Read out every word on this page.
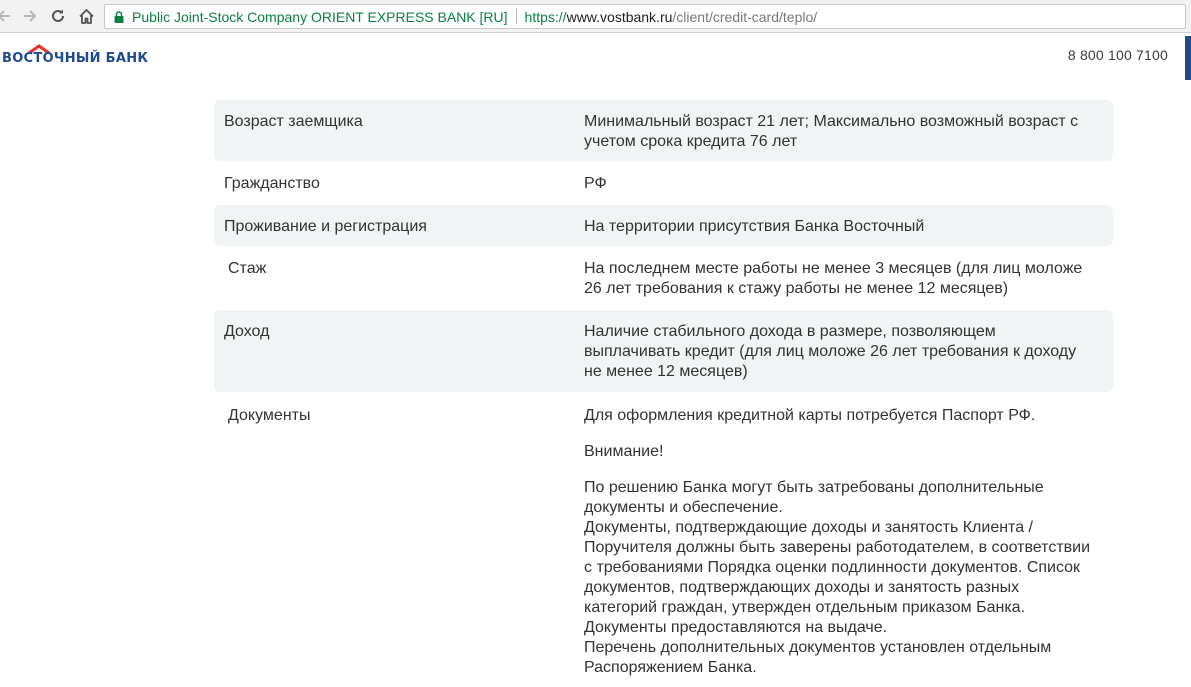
Public Joint-Stock Company ORIENT EXPRESS BANK [RU] https:// www.vostbank.ru /client/credit-card/teplo/
ВОСТОЧНЫЙ БАНК	8 800 100 7100
Возраст заемщика	Минимальный возраст 21 лет; Максимально возможный возраст с учетом срока кредита 76 лет
Гражданство	РФ
Проживание и регистрация	На территории присутствия Банка Восточный
Стаж	На последнем месте работы не менее 3 месяцев (для лиц моложе 26 лет требования к стажу работы не менее 12 месяцев)
Доход	Наличие стабильного дохода в размере, позволяющем выплачивать кредит (для лиц моложе 26 лет требования к доходу не менее 12 месяцев)
Документы	Для оформления кредитной карты потребуется Паспорт РФ.

Внимание!

По решению Банка могут быть затребованы дополнительные документы и обеспечение.
Документы, подтверждающие доходы и занятость Клиента / Поручителя должны быть заверены работодателем, в соответствии с требованиями Порядка оценки подлинности документов. Список документов, подтверждающих доходы и занятость разных категорий граждан, утвержден отдельным приказом Банка. Документы предоставляются на выдаче.
Перечень дополнительных документов установлен отдельным Распоряжением Банка.
